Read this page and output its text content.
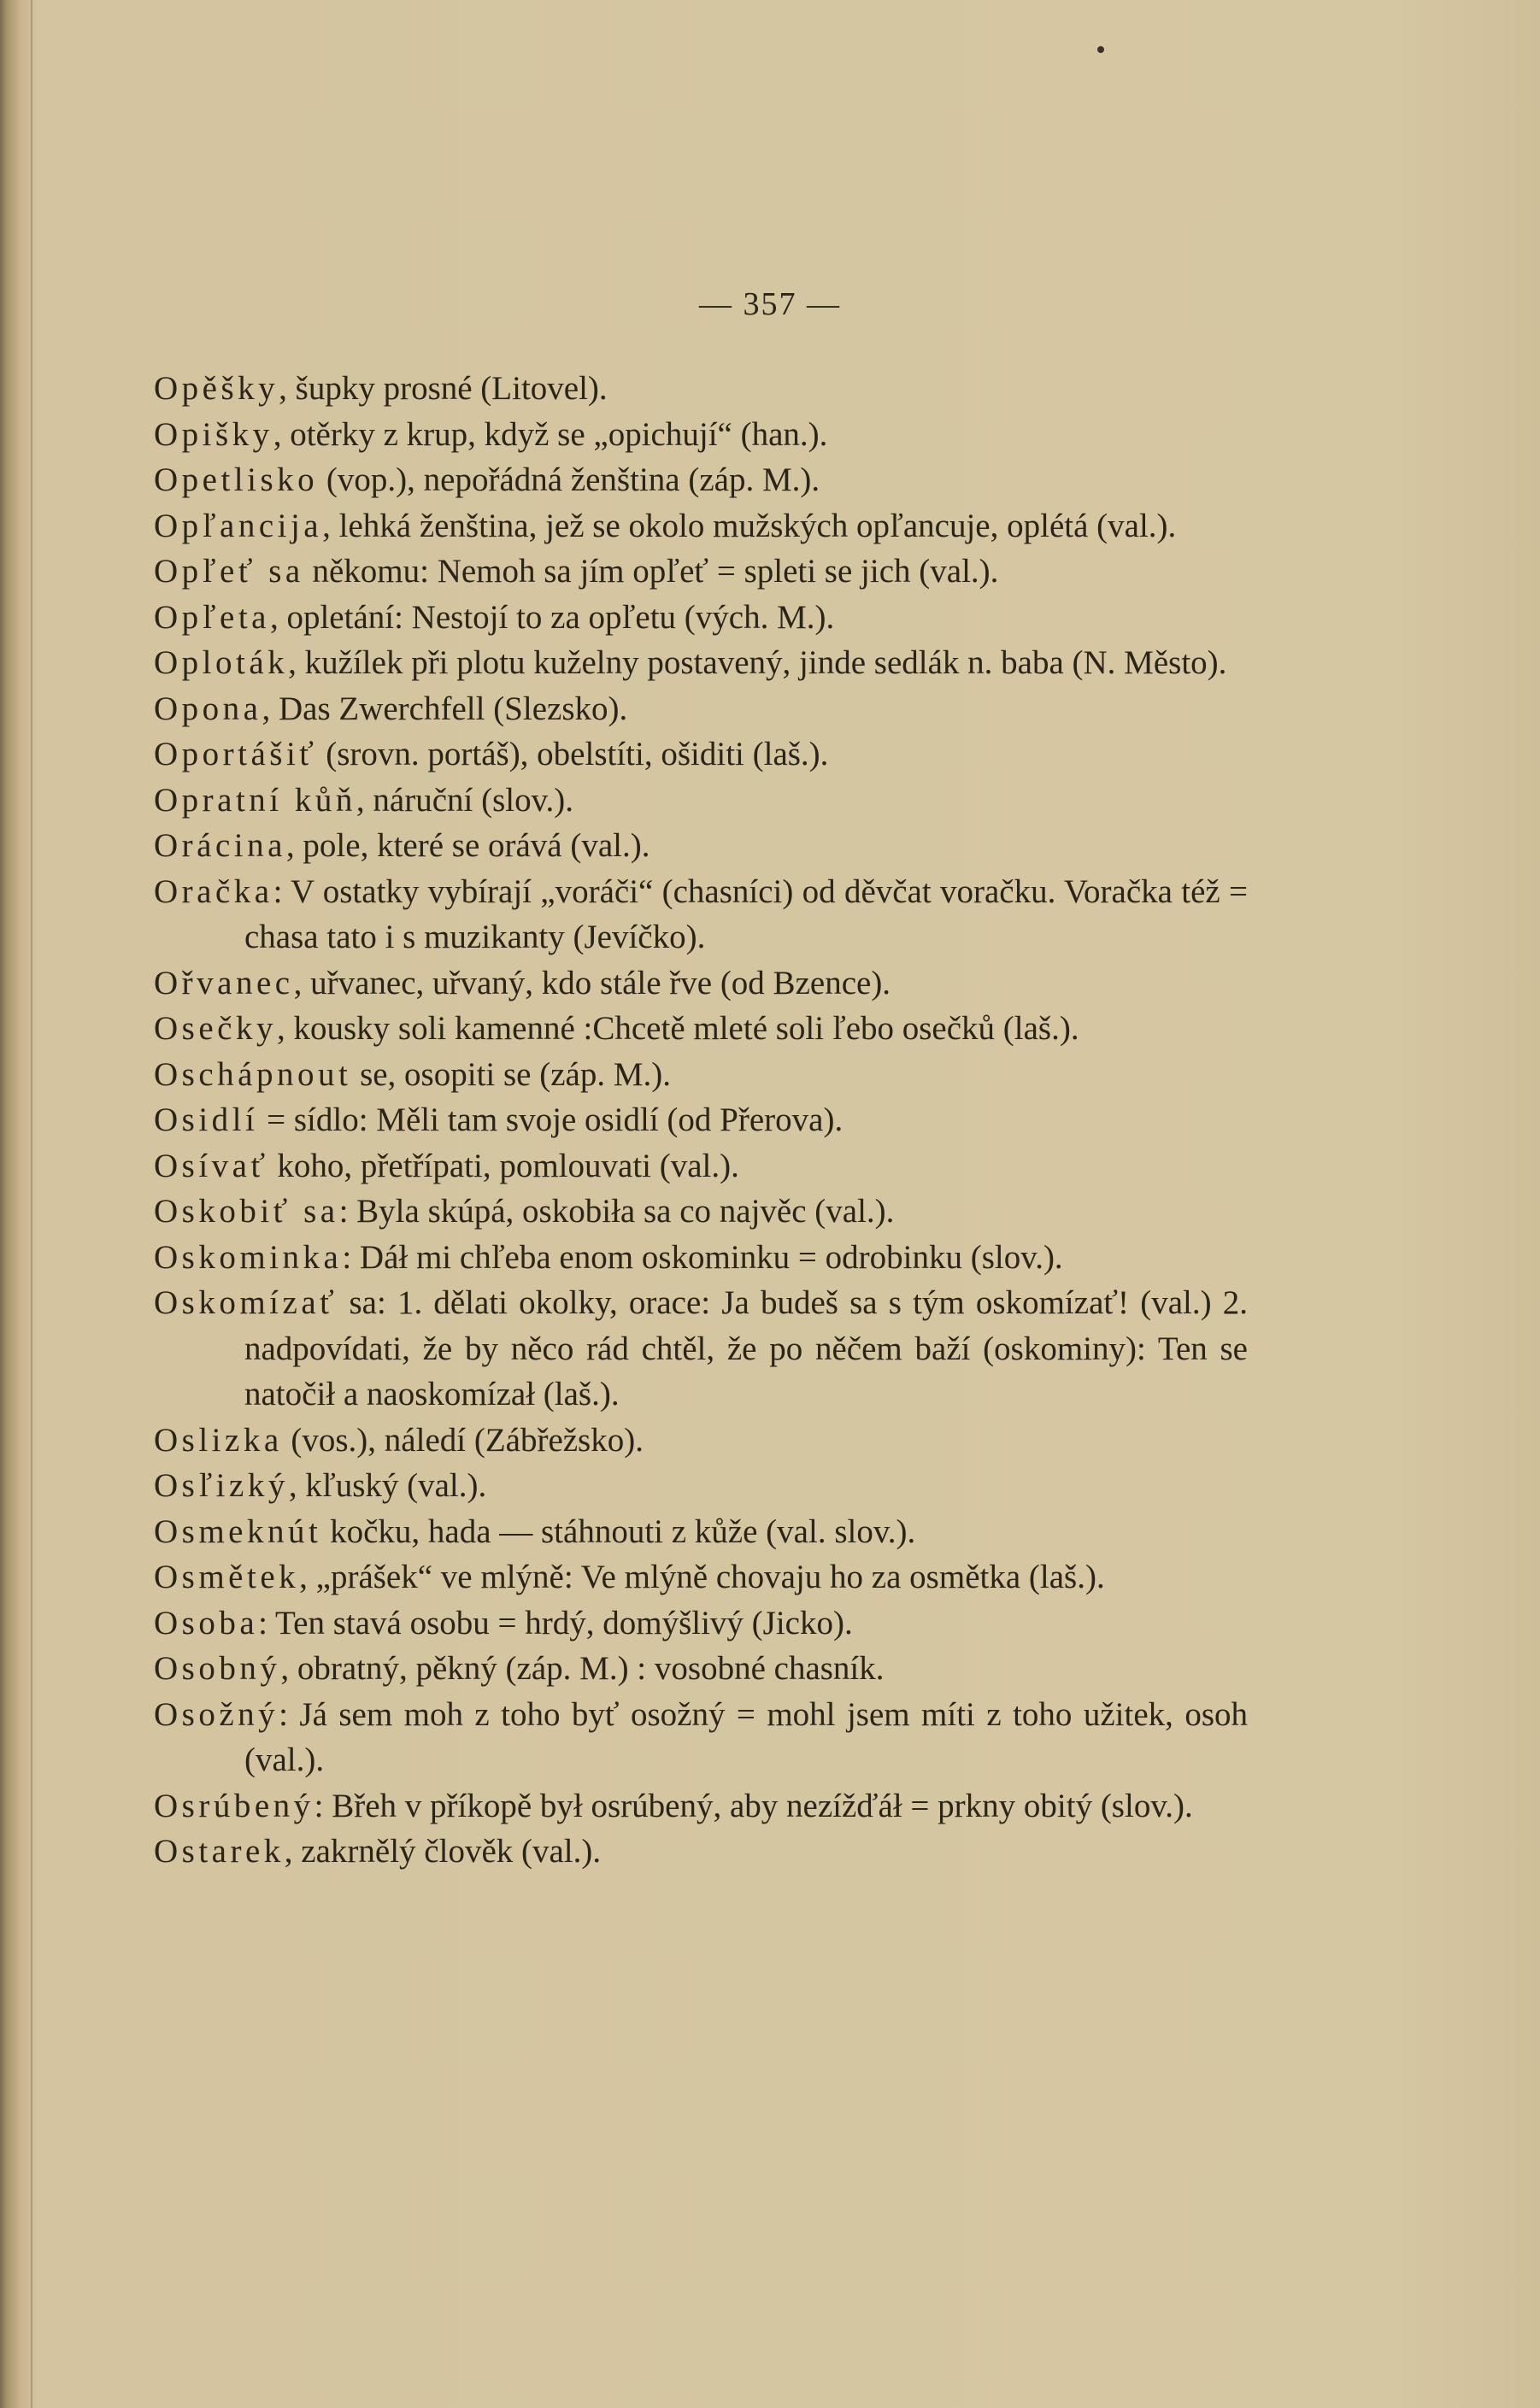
— 357 —
Opěšky, šupky prosné (Litovel).
Opišky, otěrky z krup, když se „opichují“ (han.).
Opetlisko (vop.), nepořádná ženština (záp. M.).
Opľancija, lehká ženština, jež se okolo mužských opľancuje, oplétá (val.).
Opľeť sa někomu: Nemoh sa jím opľeť = spleti se jich (val.).
Opľeta, opletání: Nestojí to za opľetu (vých. M.).
Oploták, kužílek při plotu kuželny postavený, jinde sedlák n. baba (N. Město).
Opona, Das Zwerchfell (Slezsko).
Oportášiť (srovn. portáš), obelstíti, ošiditi (laš.).
Opratní kůň, náruční (slov.).
Orácina, pole, které se orává (val.).
Oračka: V ostatky vybírají „voráči“ (chasníci) od děvčat voračku. Voračka též = chasa tato i s muzikanty (Jevíčko).
Ořvanec, uřvanec, uřvaný, kdo stále řve (od Bzence).
Osečky, kousky soli kamenné :Chcetě mleté soli ľebo osečků (laš.).
Oschápnout se, osopiti se (záp. M.).
Osidlí = sídlo: Měli tam svoje osidlí (od Přerova).
Osívať koho, přetřípati, pomlouvati (val.).
Oskobiť sa: Byla skúpá, oskobiła sa co najvěc (val.).
Oskominka: Dáł mi chľeba enom oskominku = odrobinku (slov.).
Oskomízať sa: 1. dělati okolky, orace: Ja budeš sa s tým oskomízať! (val.) 2. nadpovídati, že by něco rád chtěl, že po něčem baží (oskominy): Ten se natočił a naoskomízał (laš.).
Oslizka (vos.), náledí (Zábřežsko).
Osľizký, kľuský (val.).
Osmeknút kočku, hada — stáhnouti z kůže (val. slov.).
Osmětek, „prášek“ ve mlýně: Ve mlýně chovaju ho za osmětka (laš.).
Osoba: Ten stavá osobu = hrdý, domýšlivý (Jicko).
Osobný, obratný, pěkný (záp. M.) : vosobné chasník.
Osožný: Já sem moh z toho byť osožný = mohl jsem míti z toho užitek, osoh (val.).
Osrúbený: Břeh v příkopě był osrúbený, aby nezížďáł = prkny obitý (slov.).
Ostarek, zakrnělý člověk (val.).
